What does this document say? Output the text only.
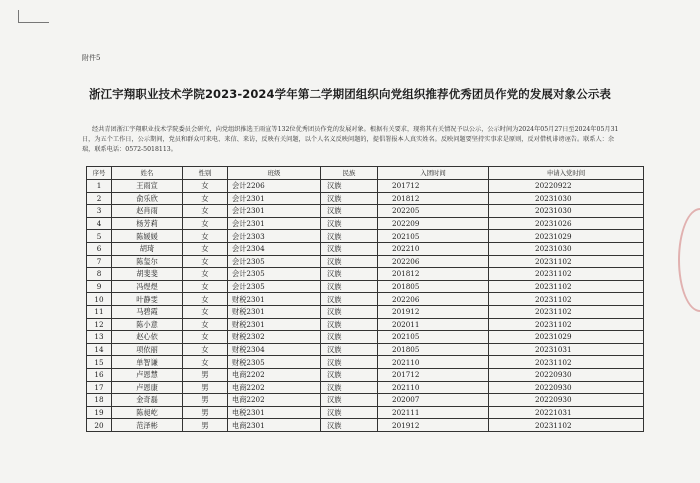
附件5
浙江宇翔职业技术学院2023-2024学年第二学期团组织向党组织推荐优秀团员作党的发展对象公示表
经共青团浙江宇翔职业技术学院委员会研究，向党组织推选王雨宣等132位优秀团员作党的发展对象。根据有关要求，现将其有关情况予以公示，公示时间为2024年05月27日至2024年05月31日，为五个工作日，公示期间，党员和群众可来电、来信、来访，反映有关问题，以个人名义反映问题的，提倡署报本人真实姓名。反映问题要坚持实事求是原则，反对借机诽谤诬告。联系人：余瑞，联系电话：0572-5018113。
序号	姓名	性别	班级	民族	入团时间	申请入党时间
1	王雨宣	女	会计2206	汉族	201712	20220922
2	俞乐欣	女	会计2301	汉族	201812	20231030
3	赵肖雨	女	会计2301	汉族	202205	20231030
4	杨芳莉	女	会计2301	汉族	202209	20231026
5	陈媛媛	女	会计2303	汉族	202105	20231029
6	胡琦	女	会计2304	汉族	202210	20231030
7	陈玺尔	女	会计2305	汉族	202206	20231102
8	胡斐斐	女	会计2305	汉族	201812	20231102
9	冯煜煜	女	会计2305	汉族	201805	20231102
10	叶静雯	女	财税2301	汉族	202206	20231102
11	马碧霞	女	财税2301	汉族	201912	20231102
12	陈小意	女	财税2301	汉族	202011	20231102
13	赵心依	女	财税2302	汉族	202105	20231029
14	项依丽	女	财税2304	汉族	201805	20231031
15	单智谦	女	财税2305	汉族	202110	20231102
16	卢恩慧	男	电商2202	汉族	201712	20220930
17	卢恩康	男	电商2202	汉族	202110	20220930
18	金奇磊	男	电商2202	汉族	202007	20220930
19	陈昶屹	男	电税2301	汉族	202111	20221031
20	范泽彬	男	电商2301	汉族	201912	20231102
